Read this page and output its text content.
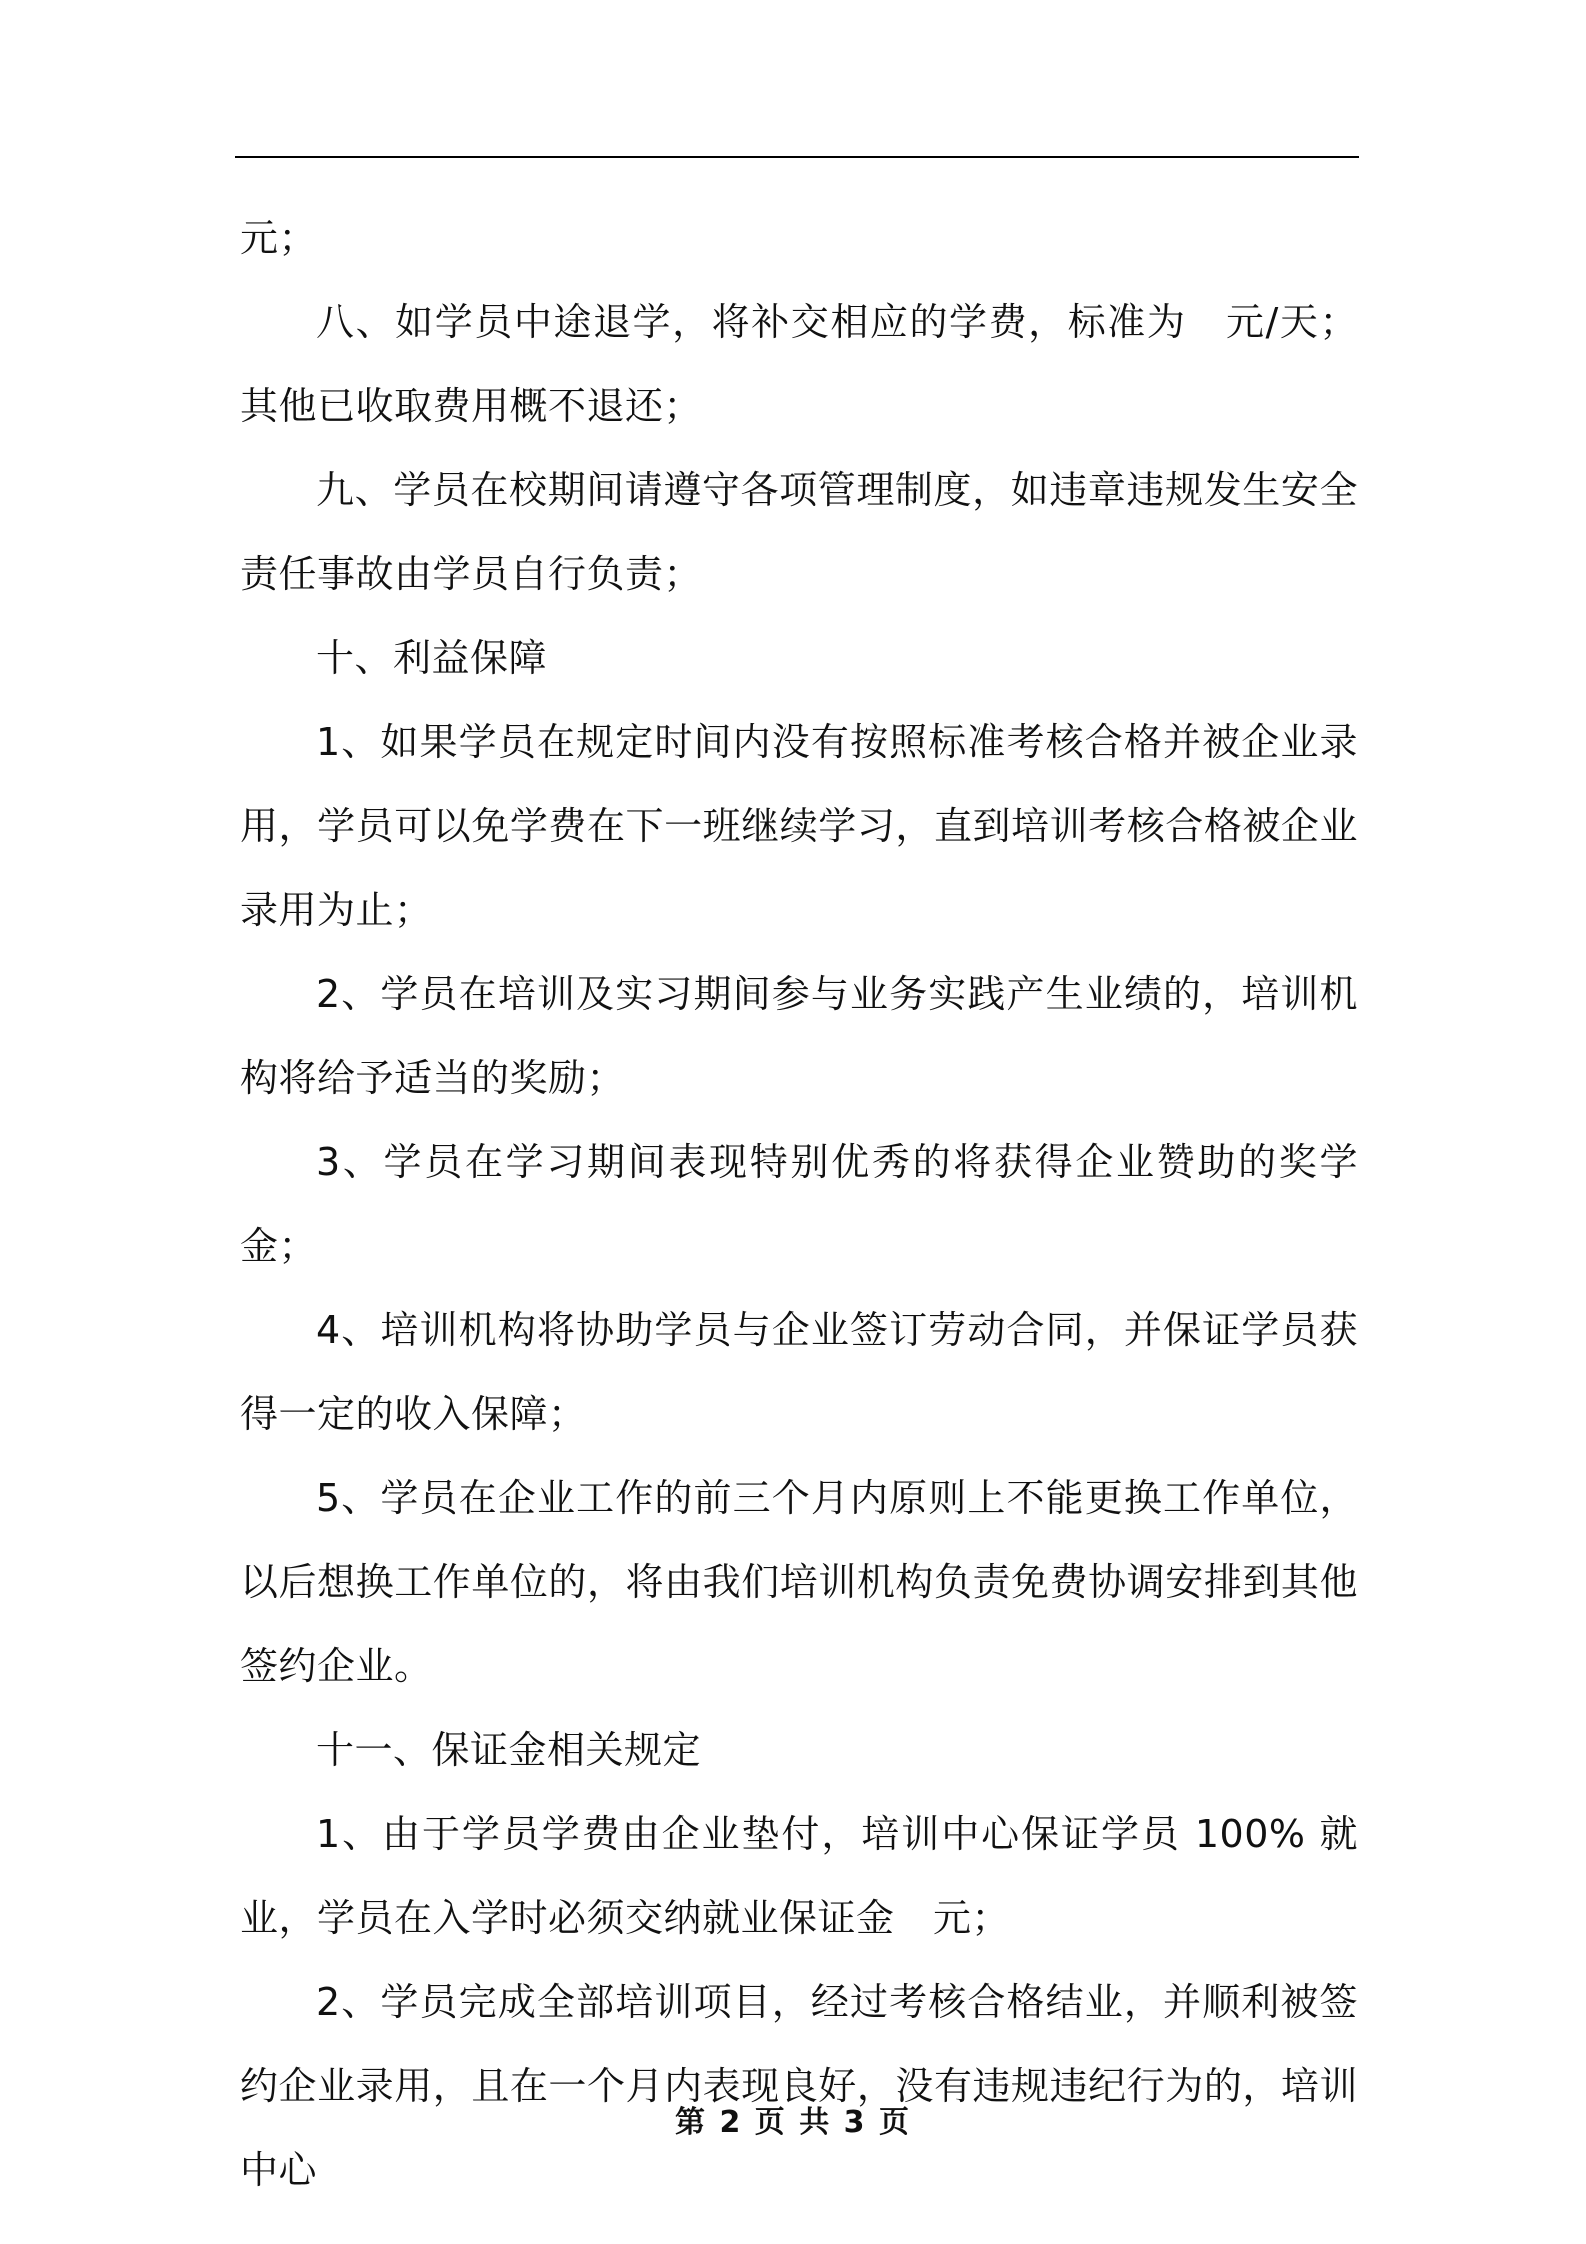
元；

八、如学员中途退学，将补交相应的学费，标准为　元/天；其他已收取费用概不退还；

九、学员在校期间请遵守各项管理制度，如违章违规发生安全责任事故由学员自行负责；

十、利益保障

1、如果学员在规定时间内没有按照标准考核合格并被企业录用，学员可以免学费在下一班继续学习，直到培训考核合格被企业录用为止；

2、学员在培训及实习期间参与业务实践产生业绩的，培训机构将给予适当的奖励；

3、学员在学习期间表现特别优秀的将获得企业赞助的奖学金；

4、培训机构将协助学员与企业签订劳动合同，并保证学员获得一定的收入保障；

5、学员在企业工作的前三个月内原则上不能更换工作单位，以后想换工作单位的，将由我们培训机构负责免费协调安排到其他签约企业。

十一、保证金相关规定

1、由于学员学费由企业垫付，培训中心保证学员 100% 就业，学员在入学时必须交纳就业保证金　元；

2、学员完成全部培训项目，经过考核合格结业，并顺利被签约企业录用，且在一个月内表现良好，没有违规违纪行为的，培训中心

第 2 页 共 3 页
